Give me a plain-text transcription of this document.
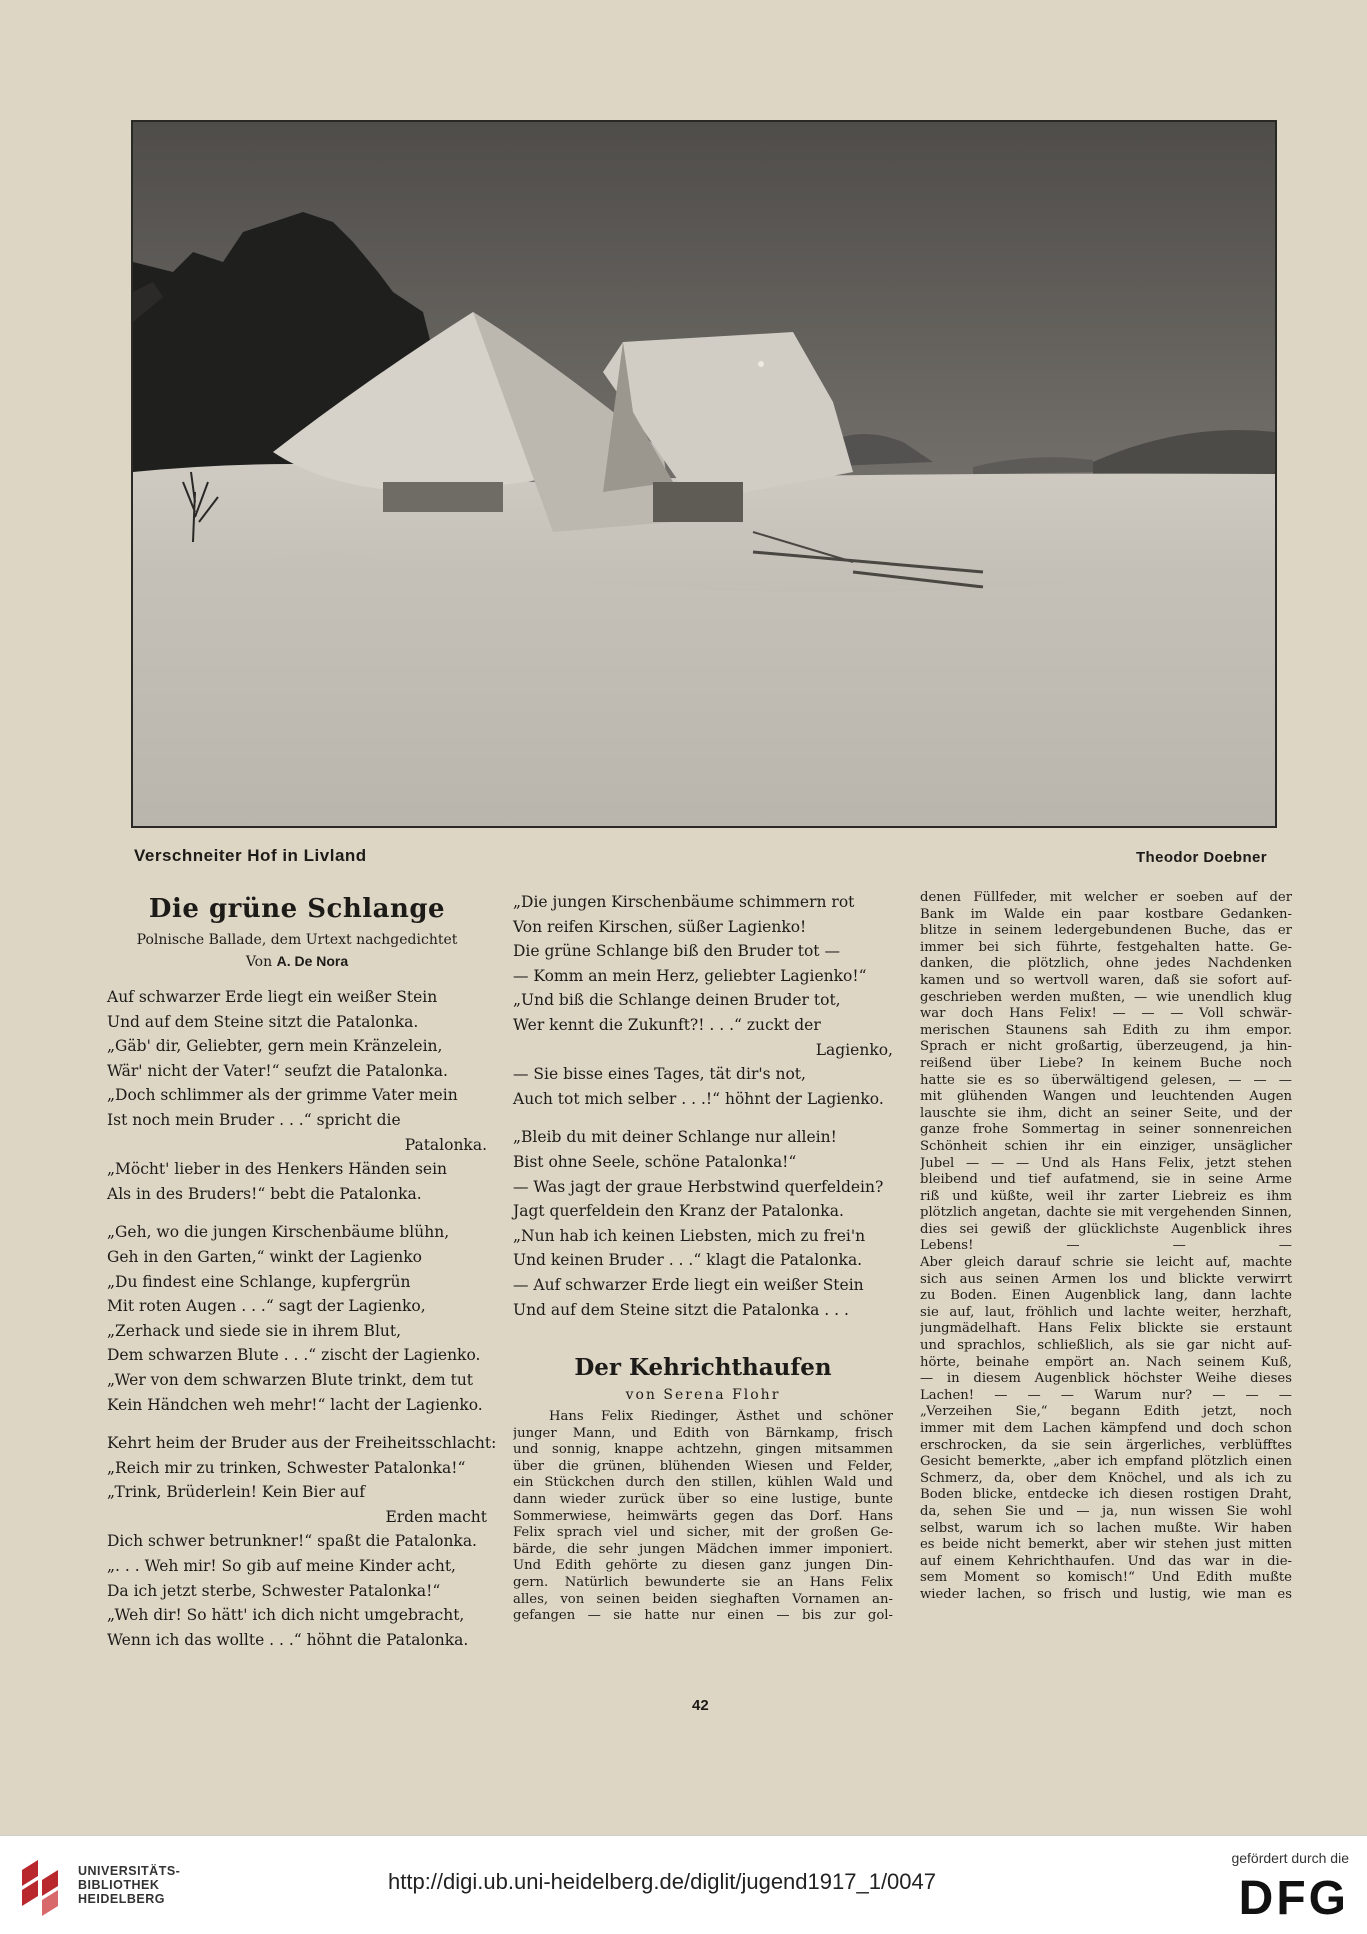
Verschneiter Hof in Livland	Theodor Doebner
Die grüne Schlange
Polnische Ballade, dem Urtext nachgedichtet
Von A. De Nora
Auf schwarzer Erde liegt ein weißer Stein
Und auf dem Steine sitzt die Patalonka.
„Gäb' dir, Geliebter, gern mein Kränzelein,
Wär' nicht der Vater!“ seufzt die Patalonka.
„Doch schlimmer als der grimme Vater mein
Ist noch mein Bruder . . .“ spricht die
Patalonka.
„Möcht' lieber in des Henkers Händen sein
Als in des Bruders!“ bebt die Patalonka.
„Geh, wo die jungen Kirschenbäume blühn,
Geh in den Garten,“ winkt der Lagienko
„Du findest eine Schlange, kupfergrün
Mit roten Augen . . .“ sagt der Lagienko,
„Zerhack und siede sie in ihrem Blut,
Dem schwarzen Blute . . .“ zischt der Lagienko.
„Wer von dem schwarzen Blute trinkt, dem tut
Kein Händchen weh mehr!“ lacht der Lagienko.
Kehrt heim der Bruder aus der Freiheitsschlacht:
„Reich mir zu trinken, Schwester Patalonka!“
„Trink, Brüderlein! Kein Bier auf
Erden macht
Dich schwer betrunkner!“ spaßt die Patalonka.
„. . . Weh mir! So gib auf meine Kinder acht,
Da ich jetzt sterbe, Schwester Patalonka!“
„Weh dir! So hätt' ich dich nicht umgebracht,
Wenn ich das wollte . . .“ höhnt die Patalonka.
„Die jungen Kirschenbäume schimmern rot
Von reifen Kirschen, süßer Lagienko!
Die grüne Schlange biß den Bruder tot —
— Komm an mein Herz, geliebter Lagienko!“
„Und biß die Schlange deinen Bruder tot,
Wer kennt die Zukunft?! . . .“ zuckt der
Lagienko,
— Sie bisse eines Tages, tät dir's not,
Auch tot mich selber . . .!“ höhnt der Lagienko.
„Bleib du mit deiner Schlange nur allein!
Bist ohne Seele, schöne Patalonka!“
— Was jagt der graue Herbstwind querfeldein?
Jagt querfeldein den Kranz der Patalonka.
„Nun hab ich keinen Liebsten, mich zu frei'n
Und keinen Bruder . . .“ klagt die Patalonka.
— Auf schwarzer Erde liegt ein weißer Stein
Und auf dem Steine sitzt die Patalonka . . .
Der Kehrichthaufen
von Serena Flohr
Hans Felix Riedinger, Ästhet und schöner
junger Mann, und Edith von Bärnkamp, frisch
und sonnig, knappe achtzehn, gingen mitsammen
über die grünen, blühenden Wiesen und Felder,
ein Stückchen durch den stillen, kühlen Wald und
dann wieder zurück über so eine lustige, bunte
Sommerwiese, heimwärts gegen das Dorf. Hans
Felix sprach viel und sicher, mit der großen Ge-
bärde, die sehr jungen Mädchen immer imponiert.
Und Edith gehörte zu diesen ganz jungen Din-
gern. Natürlich bewunderte sie an Hans Felix
alles, von seinen beiden sieghaften Vornamen an-
gefangen — sie hatte nur einen — bis zur gol-
denen Füllfeder, mit welcher er soeben auf der
Bank im Walde ein paar kostbare Gedanken-
blitze in seinem ledergebundenen Buche, das er
immer bei sich führte, festgehalten hatte. Ge-
danken, die plötzlich, ohne jedes Nachdenken
kamen und so wertvoll waren, daß sie sofort auf-
geschrieben werden mußten, — wie unendlich klug
war doch Hans Felix! — — — Voll schwär-
merischen Staunens sah Edith zu ihm empor.
Sprach er nicht großartig, überzeugend, ja hin-
reißend über Liebe? In keinem Buche noch
hatte sie es so überwältigend gelesen, — — —
mit glühenden Wangen und leuchtenden Augen
lauschte sie ihm, dicht an seiner Seite, und der
ganze frohe Sommertag in seiner sonnenreichen
Schönheit schien ihr ein einziger, unsäglicher
Jubel — — — Und als Hans Felix, jetzt stehen
bleibend und tief aufatmend, sie in seine Arme
riß und küßte, weil ihr zarter Liebreiz es ihm
plötzlich angetan, dachte sie mit vergehenden Sinnen,
dies sei gewiß der glücklichste Augenblick ihres
Lebens! — — —
Aber gleich darauf schrie sie leicht auf, machte
sich aus seinen Armen los und blickte verwirrt
zu Boden. Einen Augenblick lang, dann lachte
sie auf, laut, fröhlich und lachte weiter, herzhaft,
jungmädelhaft. Hans Felix blickte sie erstaunt
und sprachlos, schließlich, als sie gar nicht auf-
hörte, beinahe empört an. Nach seinem Kuß,
— in diesem Augenblick höchster Weihe dieses
Lachen! — — — Warum nur? — — —
„Verzeihen Sie,“ begann Edith jetzt, noch
immer mit dem Lachen kämpfend und doch schon
erschrocken, da sie sein ärgerliches, verblüfftes
Gesicht bemerkte, „aber ich empfand plötzlich einen
Schmerz, da, ober dem Knöchel, und als ich zu
Boden blicke, entdecke ich diesen rostigen Draht,
da, sehen Sie und — ja, nun wissen Sie wohl
selbst, warum ich so lachen mußte. Wir haben
es beide nicht bemerkt, aber wir stehen just mitten
auf einem Kehrichthaufen. Und das war in die-
sem Moment so komisch!“ Und Edith mußte
wieder lachen, so frisch und lustig, wie man es
42
UNIVERSITÄTS-
BIBLIOTHEK
HEIDELBERG
http://digi.ub.uni-heidelberg.de/diglit/jugend1917_1/0047
gefördert durch die
DFG
